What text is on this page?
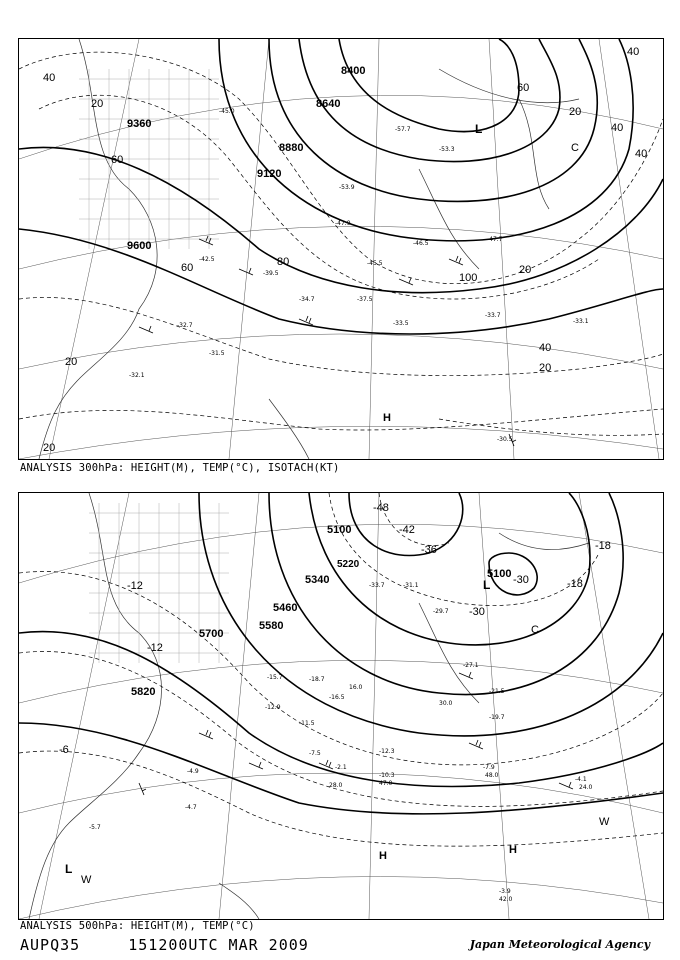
8400
8640
8880
9120
9360
9600
40
20
60
100
80
40
20
60
40
60
40
20
40
20
20
20
H
L
C
-30.5
-31.5
-32.1
-32.7
-33.1
-33.5
-33.7
-34.7	-37.5
-39.5
-45.5
-46.5
-47.7
-47.9
-53.3
-53.9
-57.7
-45.0
-42.5
ANALYSIS 300hPa: HEIGHT(M), TEMP(°C), ISOTACH(KT)
5100
5340
5460
5580
5700
5820
5220
5100
-48
-42
-36
-30
-18
-12
-6
-18
-12
-30
H	H
L
L
C
W
W
-4.1
-3.9
-5.7
-4.7
-4.9
-7.9
-10.3
-12.3
-19.7
-21.5
-27.1
-29.7
-33.7	-31.1
-18.7
-16.5
-15.7
-12.9
-11.5
-7.5
-2.1
24.0
42.0
48.0
47.0
28.0
30.0
16.0
ANALYSIS 500hPa: HEIGHT(M), TEMP(°C)
AUPQ35	151200UTC MAR 2009	Japan Meteorological Agency
